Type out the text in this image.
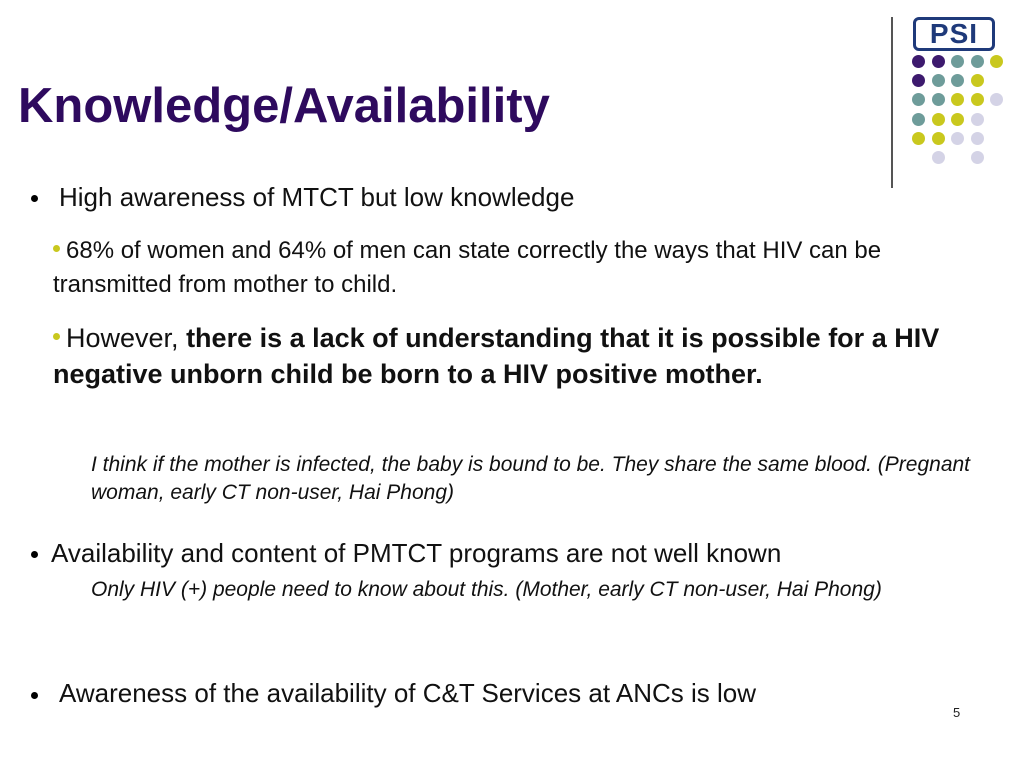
Knowledge/Availability
PSI
High awareness of MTCT but low knowledge
68% of women and 64% of men can state correctly the ways that HIV can be transmitted from mother to child.
However, there is a lack of understanding that it is possible for a HIV negative unborn child be born to a HIV positive mother.
I think if the mother is infected, the baby is bound to be. They share the same blood. (Pregnant woman, early CT non-user, Hai Phong)
Availability and content of PMTCT programs are not well known
Only HIV (+) people need to know about this. (Mother, early CT non-user, Hai Phong)
Awareness of the availability of C&T Services at ANCs is low
5
